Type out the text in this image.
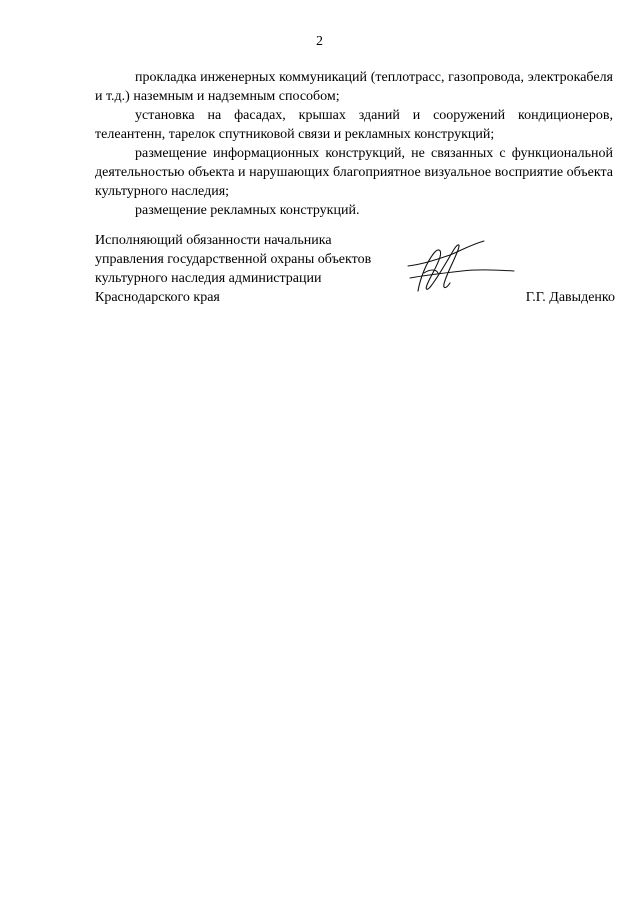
2

прокладка инженерных коммуникаций (теплотрасс, газопровода, электрокабеля и т.д.) наземным и надземным способом;

установка на фасадах, крышах зданий и сооружений кондиционеров, телеантенн, тарелок спутниковой связи и рекламных конструкций;

размещение информационных конструкций, не связанных с функциональной деятельностью объекта и нарушающих благоприятное визуальное восприятие объекта культурного наследия;

размещение рекламных конструкций.

Исполняющий обязанности начальника
управления государственной охраны объектов
культурного наследия администрации
Краснодарского края	Г.Г. Давыденко
